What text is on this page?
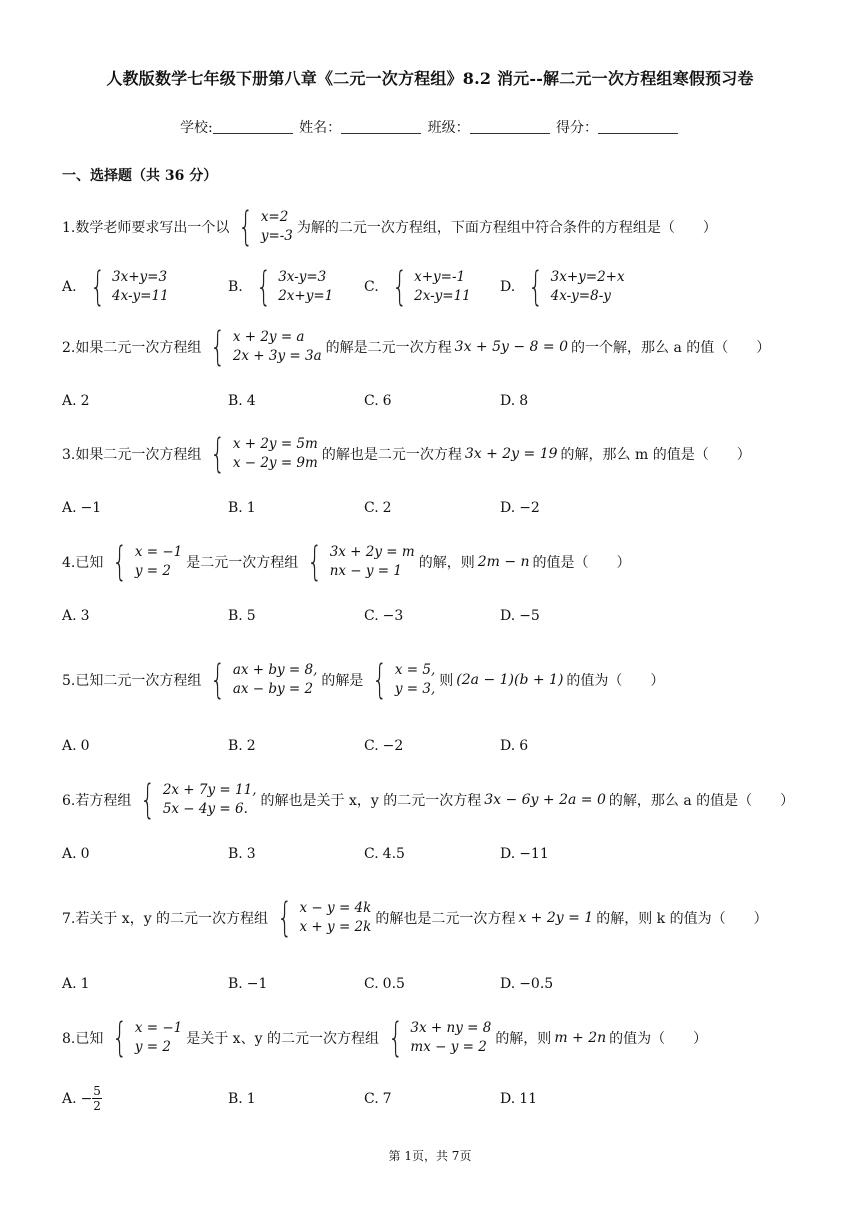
人教版数学七年级下册第八章《二元一次方程组》8.2 消元--解二元一次方程组寒假预习卷
学校:	姓名：	班级：	得分：
一、选择题（共 36 分）
1.数学老师要求写出一个以 { x=2
y=-3 为解的二元一次方程组，下面方程组中符合条件的方程组是（　　）
A. { 3x+y=3
4x-y=11
B. { 3x-y=3
2x+y=1
C. { x+y=-1
2x-y=11
D. { 3x+y=2+x
4x-y=8-y
2.如果二元一次方程组 { x + 2y = a
2x + 3y = 3a 的解是二元一次方程 3x + 5y − 8 = 0 的一个解，那么 a 的值（　　）
A. 2	B. 4	C. 6	D. 8
3.如果二元一次方程组 { x + 2y = 5m
x − 2y = 9m 的解也是二元一次方程 3x + 2y = 19 的解，那么 m 的值是（　　）
A. −1	B. 1	C. 2	D. −2
4.已知 { x = −1
y = 2	是二元一次方程组 { 3x + 2y = m
nx − y = 1	的解，则 2m − n 的值是（　　）
A. 3	B. 5	C. −3	D. −5
5.已知二元一次方程组 { ax + by = 8,
ax − by = 2 的解是 { x = 5,
y = 3, 则 (2a − 1)(b + 1) 的值为（　　）
A. 0	B. 2	C. −2	D. 6
6.若方程组 { 2x + 7y = 11,
5x − 4y = 6. 的解也是关于 x，y 的二元一次方程 3x − 6y + 2a = 0 的解，那么 a 的值是（　　）
A. 0	B. 3	C. 4.5	D. −11
7.若关于 x，y 的二元一次方程组 { x − y = 4k
x + y = 2k 的解也是二元一次方程 x + 2y = 1 的解，则 k 的值为（　　）
A. 1	B. −1	C. 0.5	D. −0.5
8.已知 { x = −1
y = 2	是关于 x、y 的二元一次方程组 { 3x + ny = 8
mx − y = 2 的解，则 m + 2n 的值为（　　）
A. − $\frac{5}{2}$	B. 1	C. 7	D. 11
第 1页，共 7页
